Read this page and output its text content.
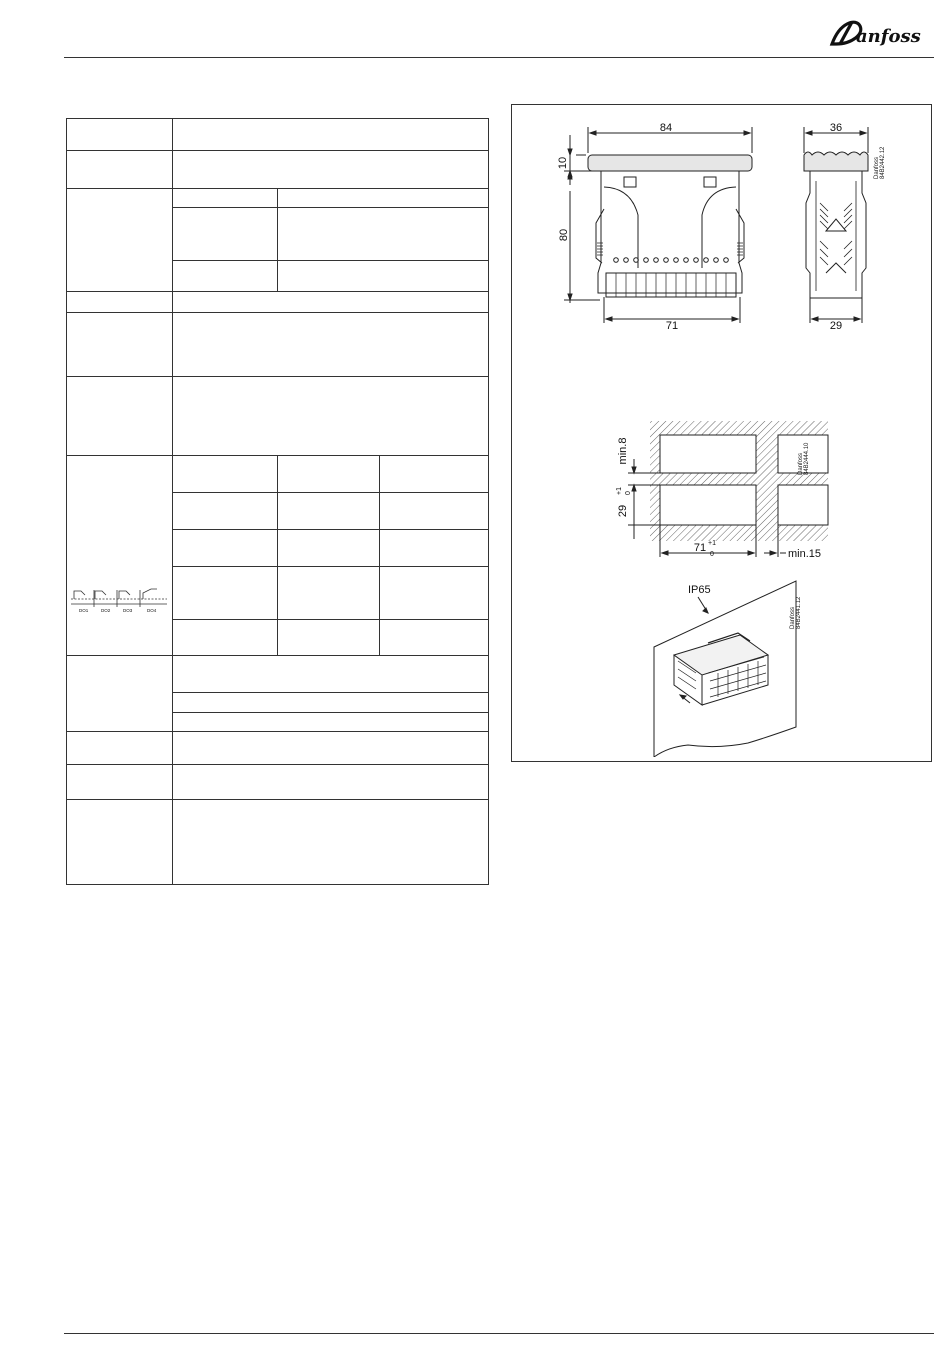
anfoss

DO1 DO2 DO3 DO4			

84
10
80
71
36
29
Danfoss
84B2442.12
min.8
29
+1 0
71 +1
0	min.15
Danfoss
84B2444.10
IP65
Danfoss
84B2441.12
